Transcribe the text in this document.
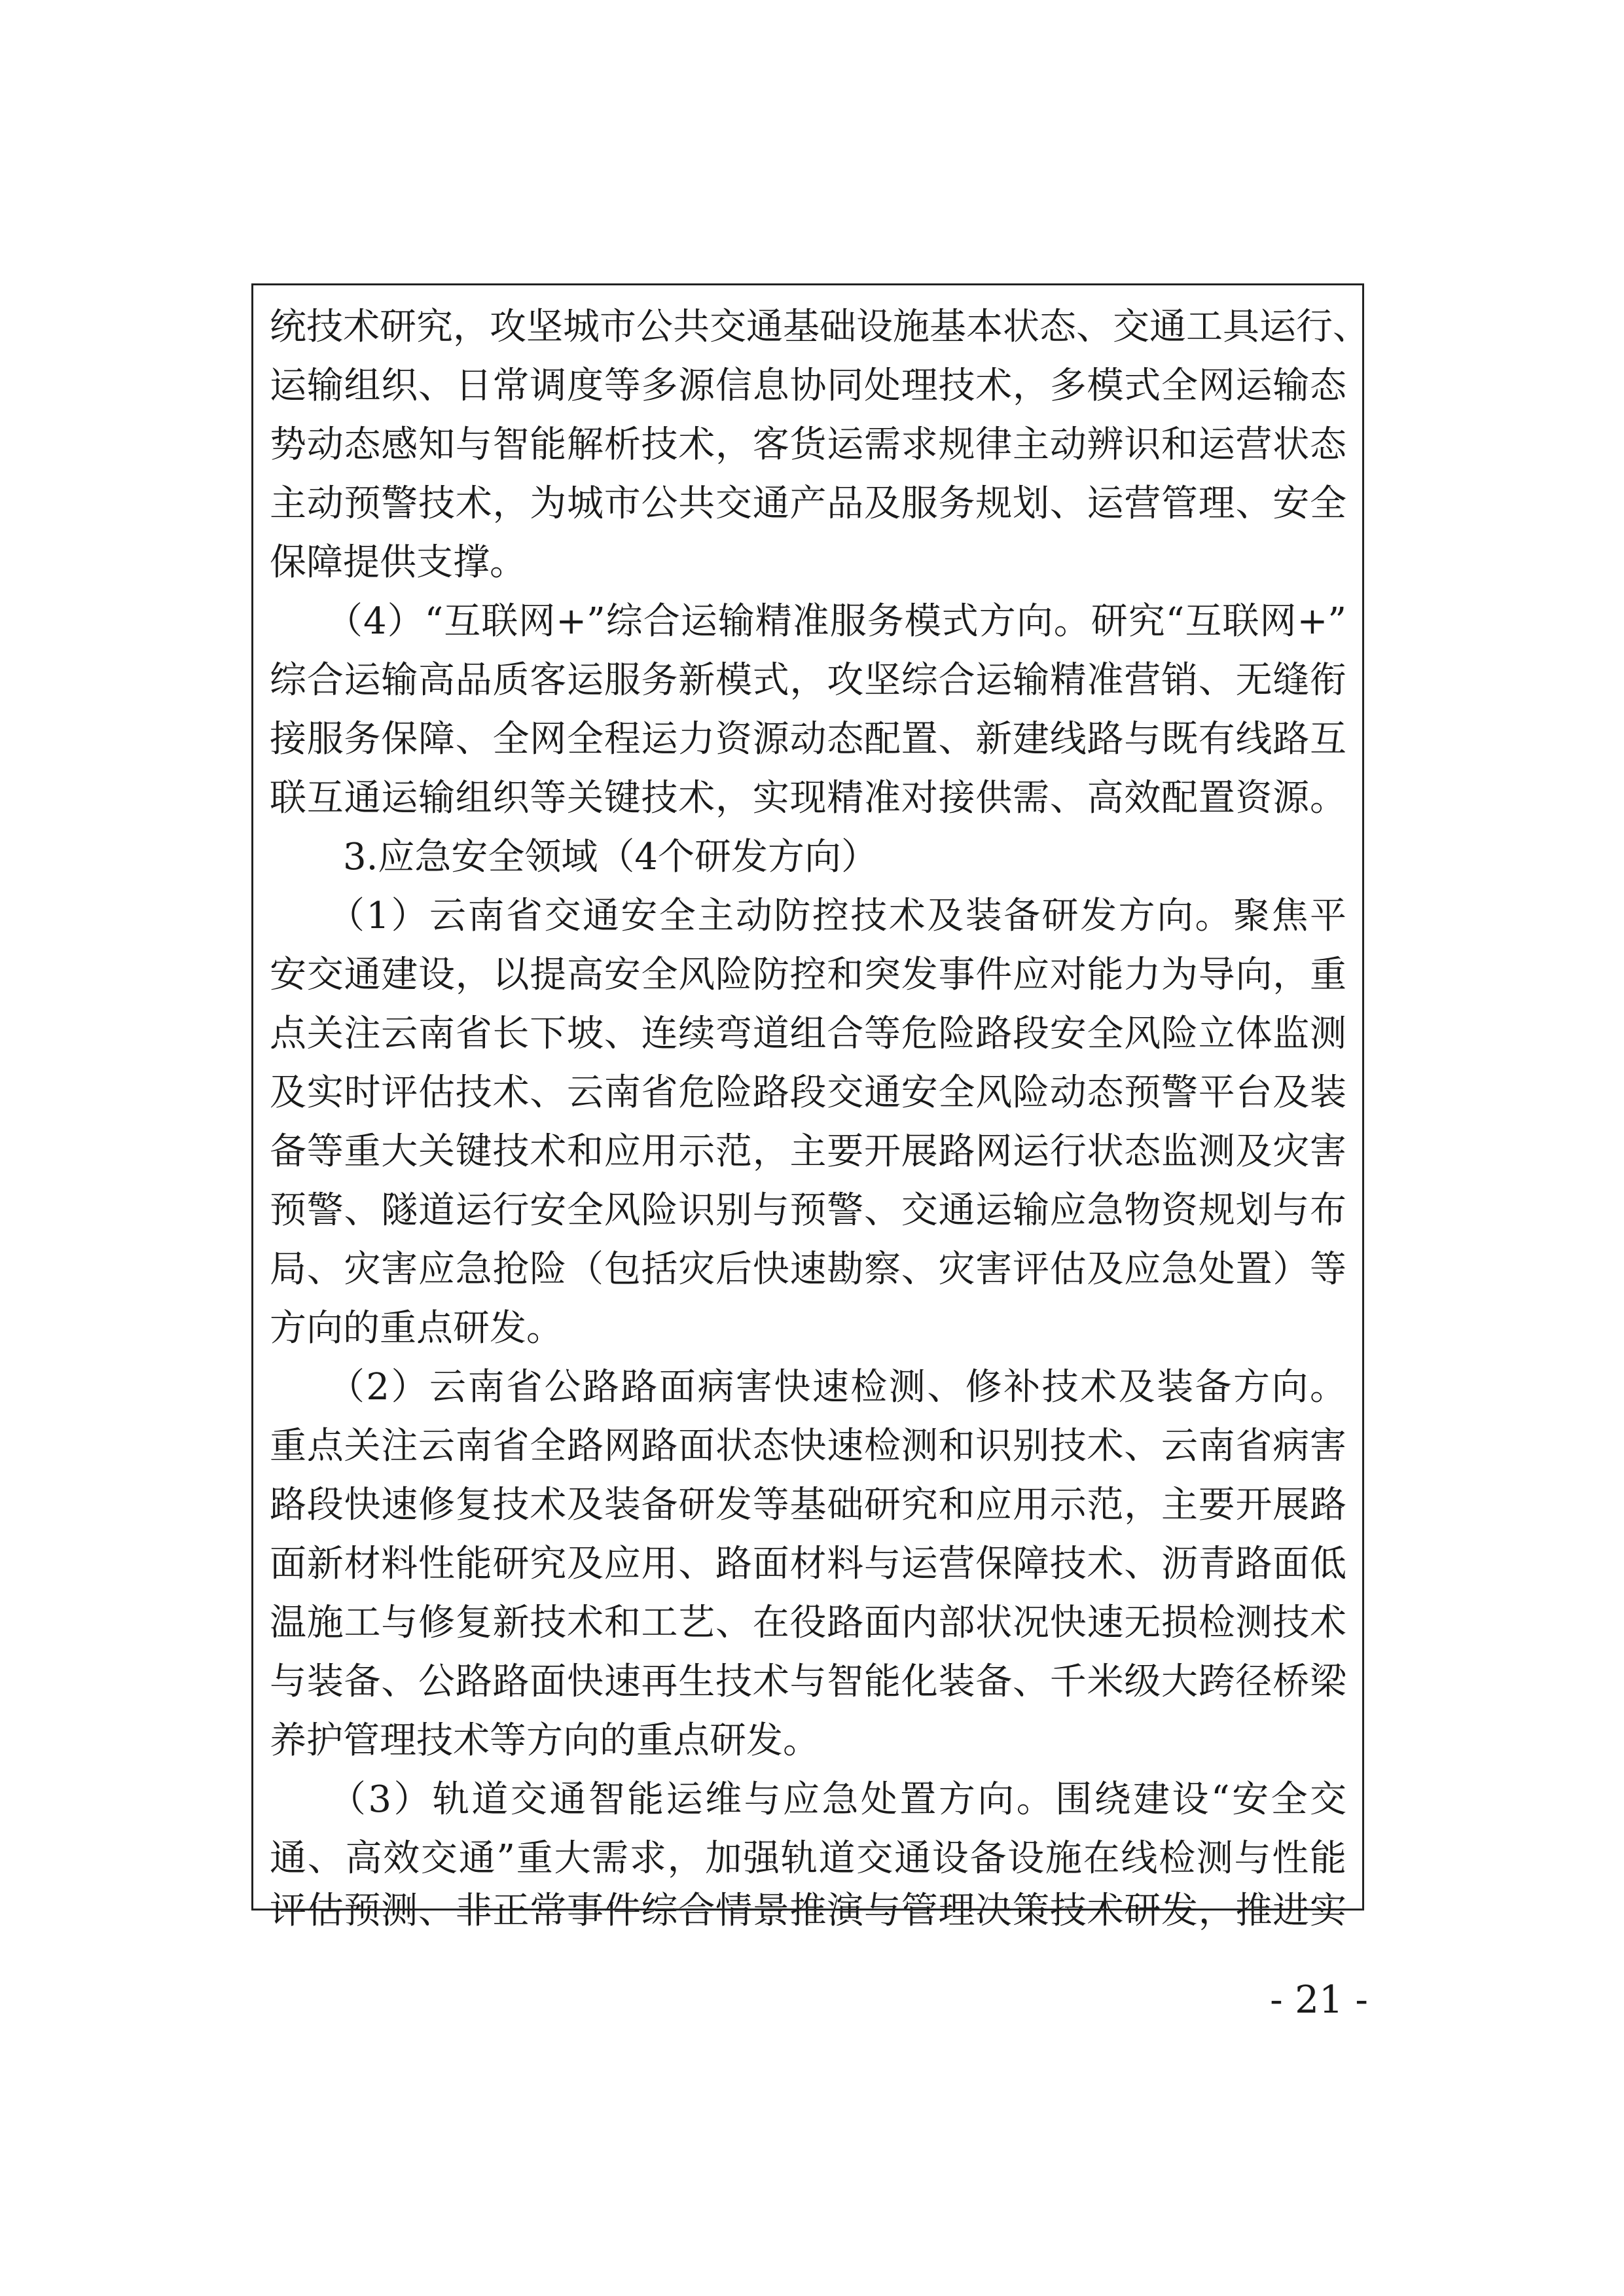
统技术研究，攻坚城市公共交通基础设施基本状态、交通工具运行、
运输组织、日常调度等多源信息协同处理技术，多模式全网运输态
势动态感知与智能解析技术，客货运需求规律主动辨识和运营状态
主动预警技术，为城市公共交通产品及服务规划、运营管理、安全
保障提供支撑。
　　（4）“互联网+”综合运输精准服务模式方向。研究“互联网+”
综合运输高品质客运服务新模式，攻坚综合运输精准营销、无缝衔
接服务保障、全网全程运力资源动态配置、新建线路与既有线路互
联互通运输组织等关键技术，实现精准对接供需、高效配置资源。
　　3.应急安全领域（4个研发方向）
　　（1）云南省交通安全主动防控技术及装备研发方向。聚焦平
安交通建设，以提高安全风险防控和突发事件应对能力为导向，重
点关注云南省长下坡、连续弯道组合等危险路段安全风险立体监测
及实时评估技术、云南省危险路段交通安全风险动态预警平台及装
备等重大关键技术和应用示范，主要开展路网运行状态监测及灾害
预警、隧道运行安全风险识别与预警、交通运输应急物资规划与布
局、灾害应急抢险（包括灾后快速勘察、灾害评估及应急处置）等
方向的重点研发。
　　（2）云南省公路路面病害快速检测、修补技术及装备方向。
重点关注云南省全路网路面状态快速检测和识别技术、云南省病害
路段快速修复技术及装备研发等基础研究和应用示范，主要开展路
面新材料性能研究及应用、路面材料与运营保障技术、沥青路面低
温施工与修复新技术和工艺、在役路面内部状况快速无损检测技术
与装备、公路路面快速再生技术与智能化装备、千米级大跨径桥梁
养护管理技术等方向的重点研发。
　　（3）轨道交通智能运维与应急处置方向。围绕建设“安全交
通、高效交通”重大需求，加强轨道交通设备设施在线检测与性能
评估预测、非正常事件综合情景推演与管理决策技术研发，推进实
- 21 -
